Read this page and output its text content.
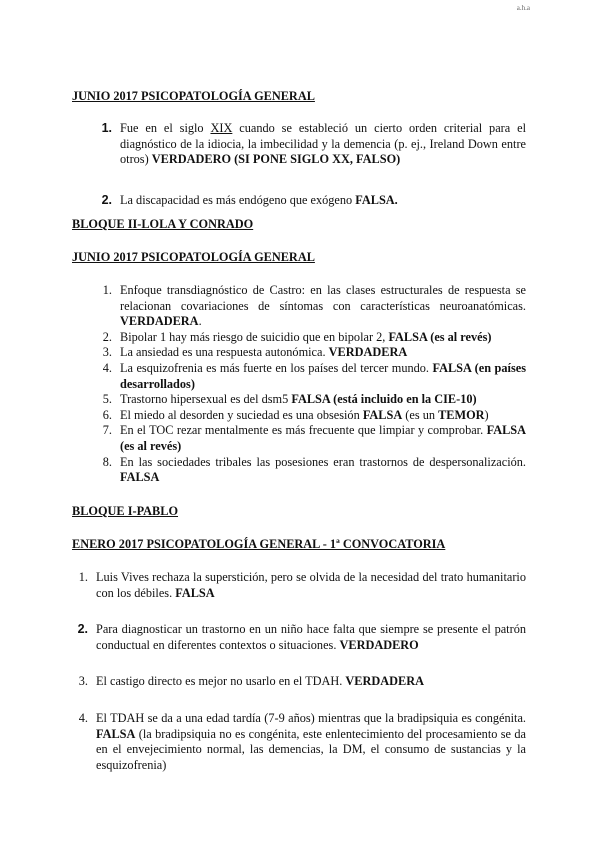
a.h.a
JUNIO 2017 PSICOPATOLOGÍA GENERAL
1. Fue en el siglo XIX cuando se estableció un cierto orden criterial para el diagnóstico de la idiocia, la imbecilidad y la demencia (p. ej., Ireland Down entre otros) VERDADERO (SI PONE SIGLO XX, FALSO)
2. La discapacidad es más endógeno que exógeno FALSA.
BLOQUE II-LOLA Y CONRADO
JUNIO 2017 PSICOPATOLOGÍA GENERAL
1. Enfoque transdiagnóstico de Castro: en las clases estructurales de respuesta se relacionan covariaciones de síntomas con características neuroanatómicas. VERDADERA.
2. Bipolar 1 hay más riesgo de suicidio que en bipolar 2, FALSA (es al revés)
3. La ansiedad es una respuesta autonómica. VERDADERA
4. La esquizofrenia es más fuerte en los países del tercer mundo. FALSA (en países desarrollados)
5. Trastorno hipersexual es del dsm5 FALSA (está incluido en la CIE-10)
6. El miedo al desorden y suciedad es una obsesión FALSA (es un TEMOR)
7. En el TOC rezar mentalmente es más frecuente que limpiar y comprobar. FALSA (es al revés)
8. En las sociedades tribales las posesiones eran trastornos de despersonalización. FALSA
BLOQUE I-PABLO
ENERO 2017 PSICOPATOLOGÍA GENERAL - 1ª CONVOCATORIA
1. Luis Vives rechaza la superstición, pero se olvida de la necesidad del trato humanitario con los débiles. FALSA
2. Para diagnosticar un trastorno en un niño hace falta que siempre se presente el patrón conductual en diferentes contextos o situaciones. VERDADERO
3. El castigo directo es mejor no usarlo en el TDAH. VERDADERA
4. El TDAH se da a una edad tardía (7-9 años) mientras que la bradipsiquia es congénita. FALSA (la bradipsiquia no es congénita, este enlentecimiento del procesamiento se da en el envejecimiento normal, las demencias, la DM, el consumo de sustancias y la esquizofrenia)
